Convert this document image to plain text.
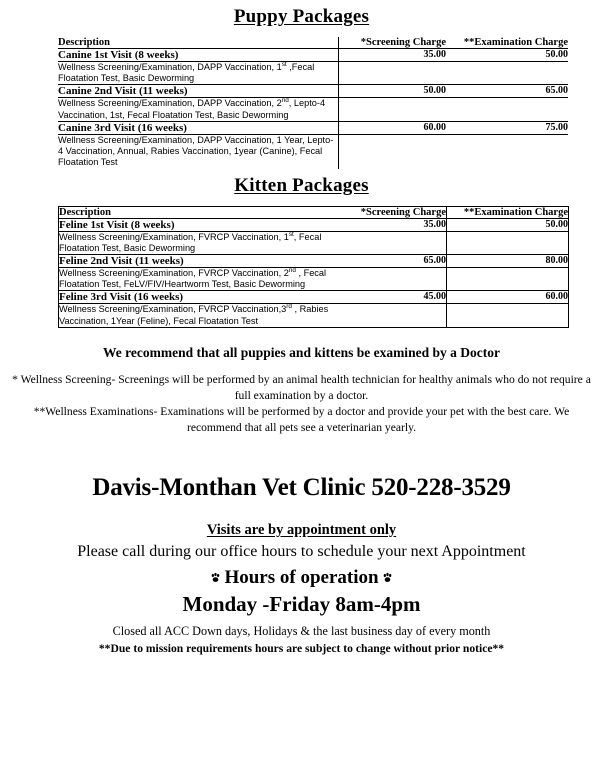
Puppy Packages
Description	*Screening Charge	**Examination Charge
Canine 1st Visit (8 weeks)	35.00	50.00
Wellness Screening/Examination, DAPP Vaccination, 1st ,Fecal Floatation Test, Basic Deworming		
Canine 2nd Visit (11 weeks)	50.00	65.00
Wellness Screening/Examination, DAPP Vaccination, 2nd, Lepto-4 Vaccination, 1st, Fecal Floatation Test, Basic Deworming		
Canine 3rd Visit (16 weeks)	60.00	75.00
Wellness Screening/Examination, DAPP Vaccination, 1 Year, Lepto-4 Vaccination, Annual, Rabies Vaccination, 1year (Canine), Fecal Floatation Test		
Kitten Packages
Description	*Screening Charge	**Examination Charge
Feline 1st Visit (8 weeks)	35.00	50.00
Wellness Screening/Examination, FVRCP Vaccination, 1st, Fecal Floatation Test, Basic Deworming		
Feline 2nd Visit (11 weeks)	65.00	80.00
Wellness Screening/Examination, FVRCP Vaccination, 2nd , Fecal Floatation Test, FeLV/FIV/Heartworm Test, Basic Deworming		
Feline 3rd Visit (16 weeks)	45.00	60.00
Wellness Screening/Examination, FVRCP Vaccination,3rd , Rabies Vaccination, 1Year (Feline), Fecal Floatation Test		
We recommend that all puppies and kittens be examined by a Doctor

* Wellness Screening- Screenings will be performed by an animal health technician for healthy animals who do not require a full examination by a doctor.

**Wellness Examinations- Examinations will be performed by a doctor and provide your pet with the best care. We recommend that all pets see a veterinarian yearly.

Davis-Monthan Vet Clinic 520-228-3529
Visits are by appointment only
Please call during our office hours to schedule your next Appointment
Hours of operation
Monday -Friday 8am-4pm
Closed all ACC Down days, Holidays & the last business day of every month
**Due to mission requirements hours are subject to change without prior notice**
